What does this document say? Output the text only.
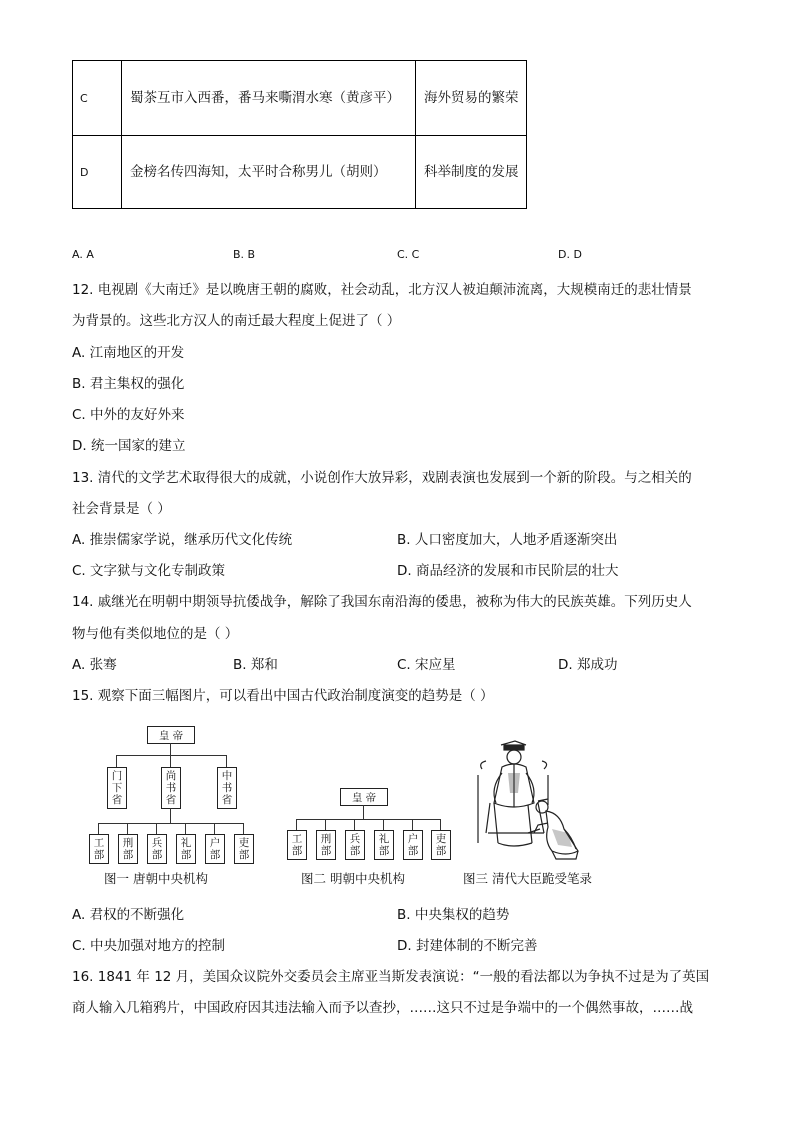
C	蜀茶互市入西番，番马来嘶渭水寒（黄彦平）	海外贸易的繁荣
D	金榜名传四海知，太平时合称男儿（胡则）	科举制度的发展
A. A	B. B	C. C	D. D
12. 电视剧《大南迁》是以晚唐王朝的腐败，社会动乱，北方汉人被迫颠沛流离，大规模南迁的悲壮情景
为背景的。这些北方汉人的南迁最大程度上促进了（ ）
A. 江南地区的开发
B. 君主集权的强化
C. 中外的友好外来
D. 统一国家的建立
13. 清代的文学艺术取得很大的成就，小说创作大放异彩，戏剧表演也发展到一个新的阶段。与之相关的
社会背景是（ ）
A. 推崇儒家学说，继承历代文化传统	B. 人口密度加大，人地矛盾逐渐突出
C. 文字狱与文化专制政策	D. 商品经济的发展和市民阶层的壮大
14. 戚继光在明朝中期领导抗倭战争，解除了我国东南沿海的倭患，被称为伟大的民族英雄。下列历史人
物与他有类似地位的是（ ）
A. 张骞	B. 郑和	C. 宋应星	D. 郑成功
15. 观察下面三幅图片，可以看出中国古代政治制度演变的趋势是（ ）
皇 帝
门下省
尚书省
中书省
工部
刑部
兵部
礼部
户部
吏部
图一 唐朝中央机构
皇 帝
工部
刑部
兵部
礼部
户部
吏部
图二 明朝中央机构	图三 清代大臣跪受笔录
A. 君权的不断强化	B. 中央集权的趋势
C. 中央加强对地方的控制	D. 封建体制的不断完善
16. 1841 年 12 月，美国众议院外交委员会主席亚当斯发表演说：“一般的看法都以为争执不过是为了英国
商人输入几箱鸦片，中国政府因其违法输入而予以查抄，……这只不过是争端中的一个偶然事故，……战
